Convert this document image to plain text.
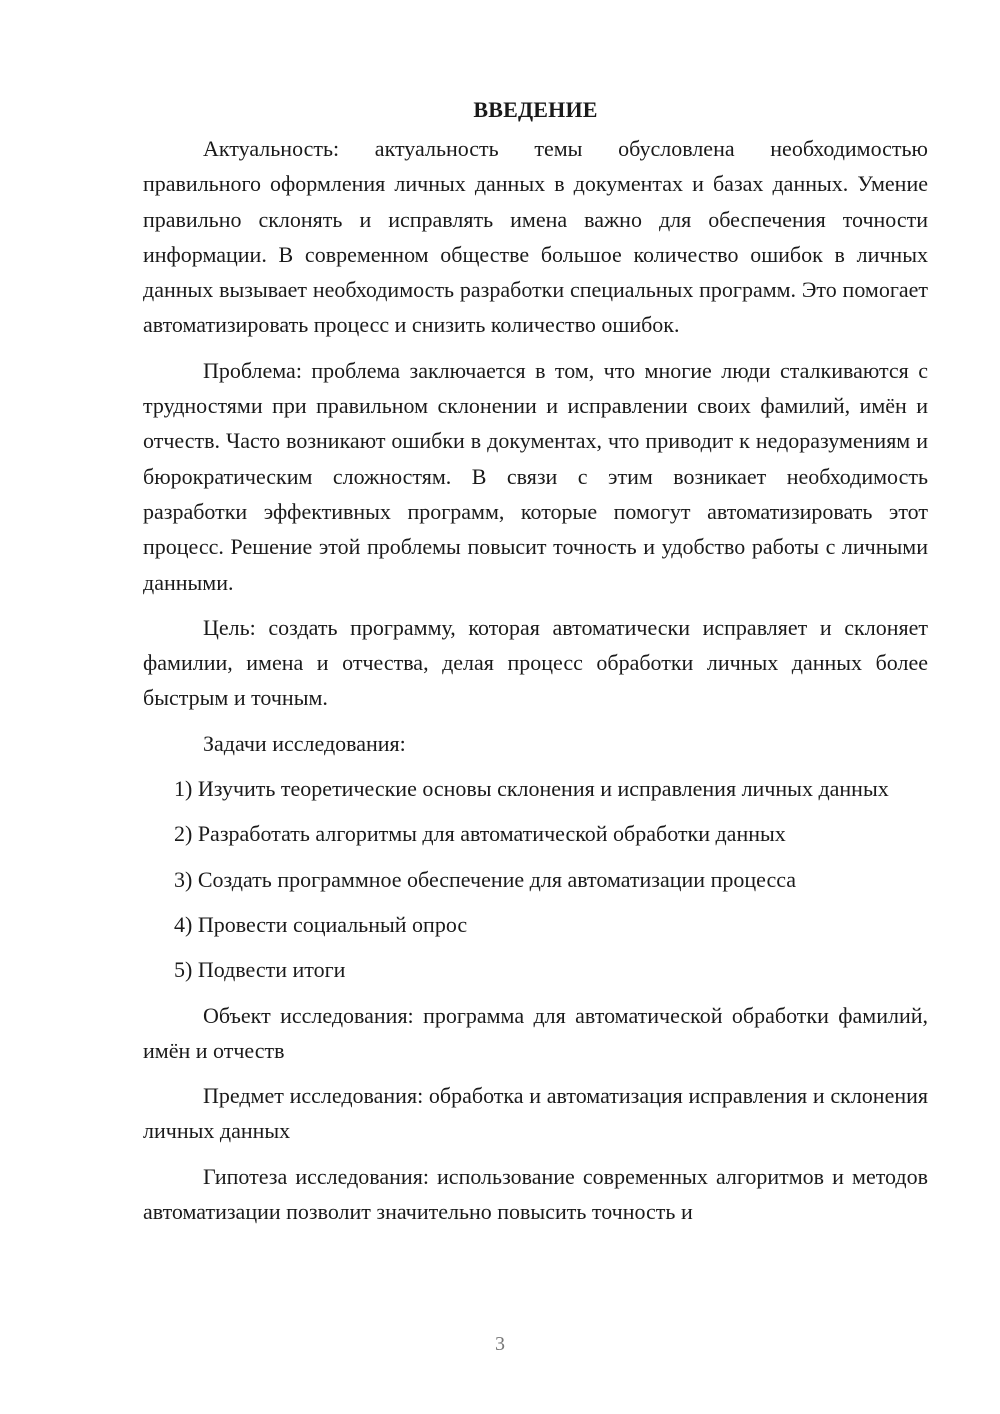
ВВЕДЕНИЕ

Актуальность: актуальность темы обусловлена необходимостью правильного оформления личных данных в документах и базах данных. Умение правильно склонять и исправлять имена важно для обеспечения точности информации. В современном обществе большое количество ошибок в личных данных вызывает необходимость разработки специальных программ. Это помогает автоматизировать процесс и снизить количество ошибок.

Проблема: проблема заключается в том, что многие люди сталкиваются с трудностями при правильном склонении и исправлении своих фамилий, имён и отчеств. Часто возникают ошибки в документах, что приводит к недоразумениям и бюрократическим сложностям. В связи с этим возникает необходимость разработки эффективных программ, которые помогут автоматизировать этот процесс. Решение этой проблемы повысит точность и удобство работы с личными данными.

Цель: создать программу, которая автоматически исправляет и склоняет фамилии, имена и отчества, делая процесс обработки личных данных более быстрым и точным.

Задачи исследования:

1) Изучить теоретические основы склонения и исправления личных данных

2) Разработать алгоритмы для автоматической обработки данных

3) Создать программное обеспечение для автоматизации процесса

4) Провести социальный опрос

5) Подвести итоги

Объект исследования: программа для автоматической обработки фамилий, имён и отчеств

Предмет исследования: обработка и автоматизация исправления и склонения личных данных

Гипотеза исследования: использование современных алгоритмов и методов автоматизации позволит значительно повысить точность и

3
